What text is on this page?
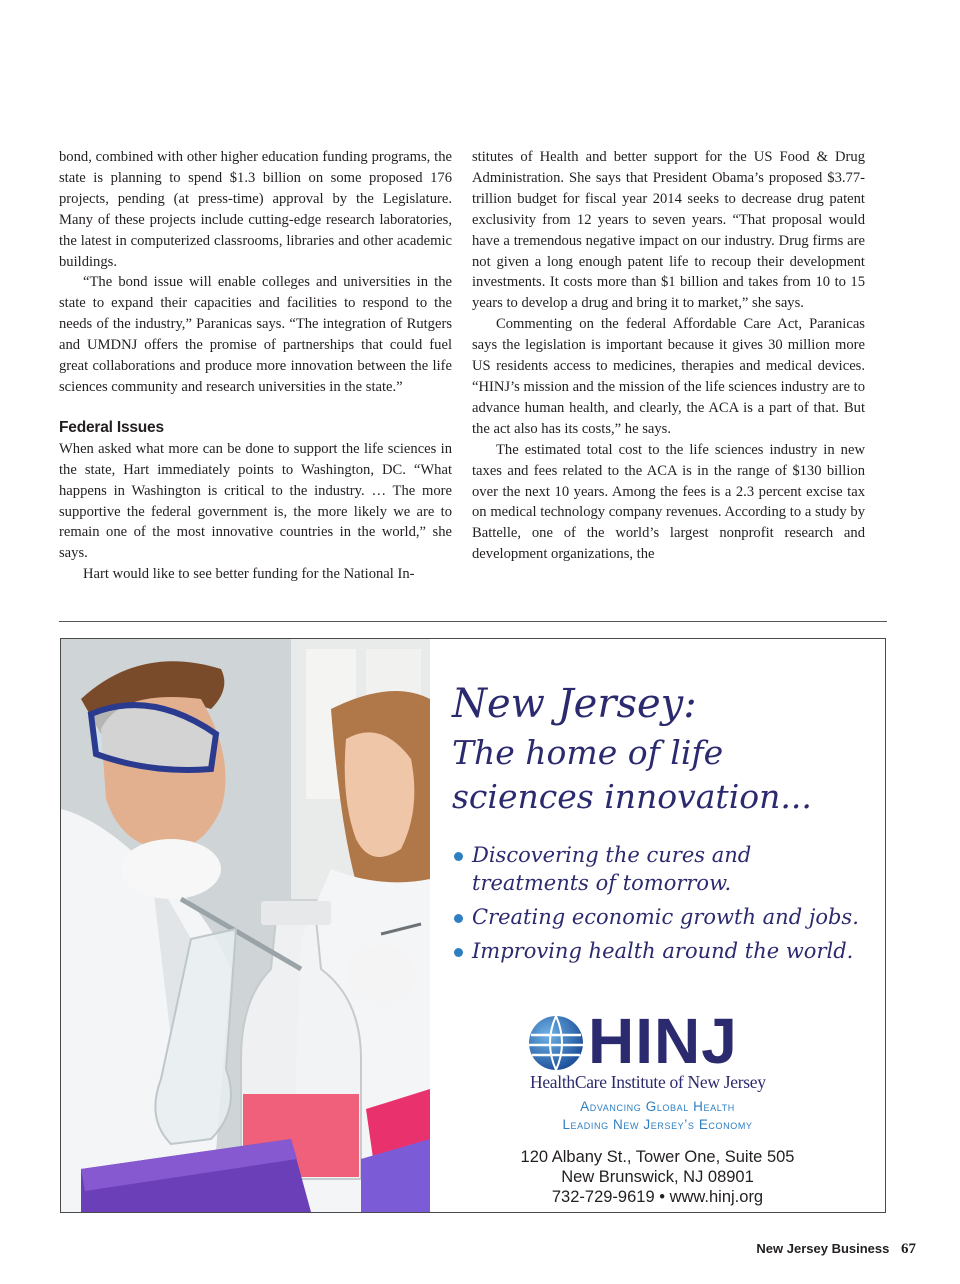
bond, combined with other higher education funding programs, the state is planning to spend $1.3 billion on some proposed 176 projects, pending (at press-time) approval by the Legislature. Many of these projects include cutting-edge research laboratories, the latest in computerized classrooms, libraries and other academic buildings.

“The bond issue will enable colleges and universities in the state to expand their capacities and facilities to respond to the needs of the industry,” Paranicas says. “The integration of Rutgers and UMDNJ offers the promise of partnerships that could fuel great collaborations and produce more innovation between the life sciences community and research universities in the state.”

Federal Issues

When asked what more can be done to support the life sciences in the state, Hart immediately points to Washington, DC. “What happens in Washington is critical to the industry. … The more supportive the federal government is, the more likely we are to remain one of the most innovative countries in the world,” she says.

Hart would like to see better funding for the National In-

stitutes of Health and better support for the US Food & Drug Administration. She says that President Obama’s proposed $3.77-trillion budget for fiscal year 2014 seeks to decrease drug patent exclusivity from 12 years to seven years. “That proposal would have a tremendous negative impact on our industry. Drug firms are not given a long enough patent life to recoup their development investments. It costs more than $1 billion and takes from 10 to 15 years to develop a drug and bring it to market,” she says.

Commenting on the federal Affordable Care Act, Paranicas says the legislation is important because it gives 30 million more US residents access to medicines, therapies and medical devices. “HINJ’s mission and the mission of the life sciences industry are to advance human health, and clearly, the ACA is a part of that. But the act also has its costs,” he says.

The estimated total cost to the life sciences industry in new taxes and fees related to the ACA is in the range of $130 billion over the next 10 years. Among the fees is a 2.3 percent excise tax on medical technology company revenues. According to a study by Battelle, one of the world’s largest nonprofit research and development organizations, the

New Jersey:
The home of life
sciences innovation...
Discovering the cures and treatments of tomorrow.
Creating economic growth and jobs.
Improving health around the world.
HINJ
HealthCare Institute of New Jersey
Advancing Global Health
Leading New Jersey’s Economy
120 Albany St., Tower One, Suite 505
New Brunswick, NJ 08901
732-729-9619 • www.hinj.org
New Jersey Business 67
